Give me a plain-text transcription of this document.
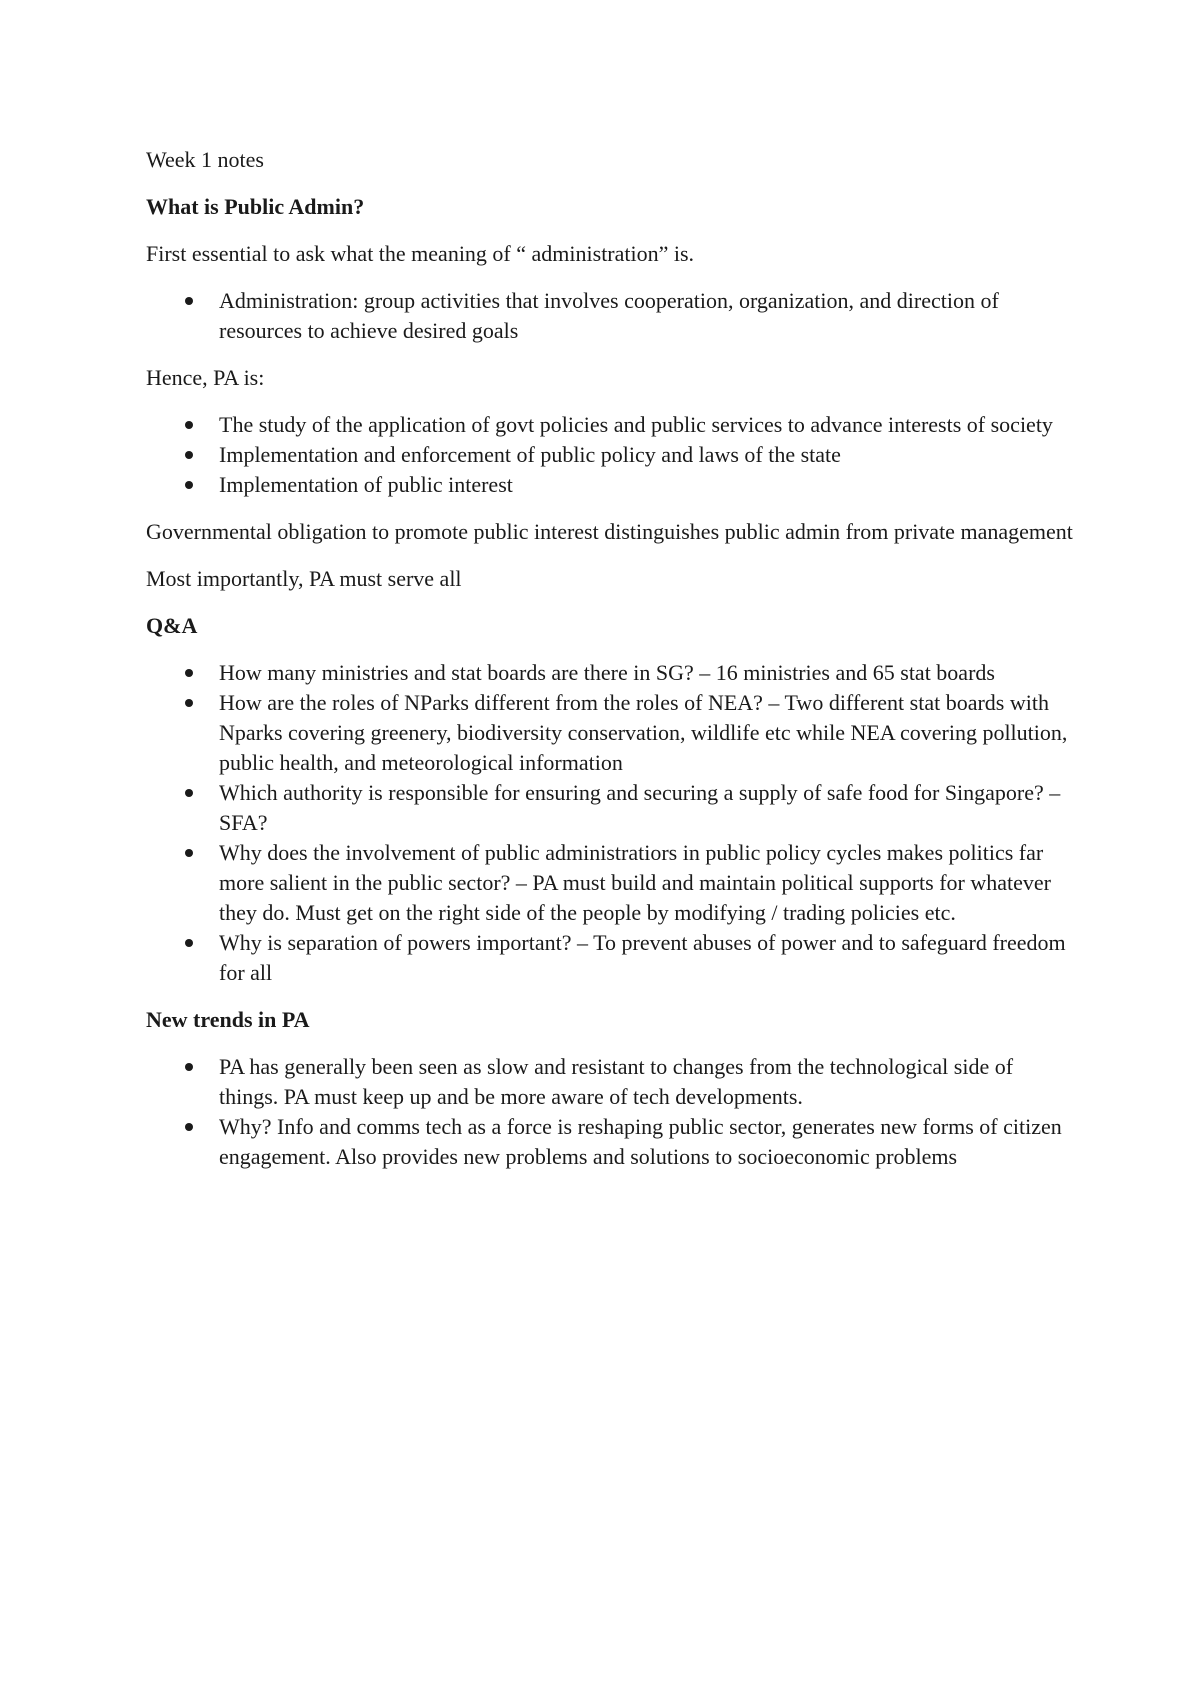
Week 1 notes

What is Public Admin?

First essential to ask what the meaning of “ administration” is.

Administration: group activities that involves cooperation, organization, and direction of resources to achieve desired goals

Hence, PA is:

The study of the application of govt policies and public services to advance interests of society
Implementation and enforcement of public policy and laws of the state
Implementation of public interest

Governmental obligation to promote public interest distinguishes public admin from private management

Most importantly, PA must serve all

Q&A

How many ministries and stat boards are there in SG? – 16 ministries and 65 stat boards
How are the roles of NParks different from the roles of NEA? – Two different stat boards with Nparks covering greenery, biodiversity conservation, wildlife etc while NEA covering pollution, public health, and meteorological information
Which authority is responsible for ensuring and securing a supply of safe food for Singapore? – SFA?
Why does the involvement of public administratiors in public policy cycles makes politics far more salient in the public sector? – PA must build and maintain political supports for whatever they do. Must get on the right side of the people by modifying / trading policies etc.
Why is separation of powers important? – To prevent abuses of power and to safeguard freedom for all

New trends in PA

PA has generally been seen as slow and resistant to changes from the technological side of things. PA must keep up and be more aware of tech developments.
Why? Info and comms tech as a force is reshaping public sector, generates new forms of citizen engagement. Also provides new problems and solutions to socioeconomic problems
